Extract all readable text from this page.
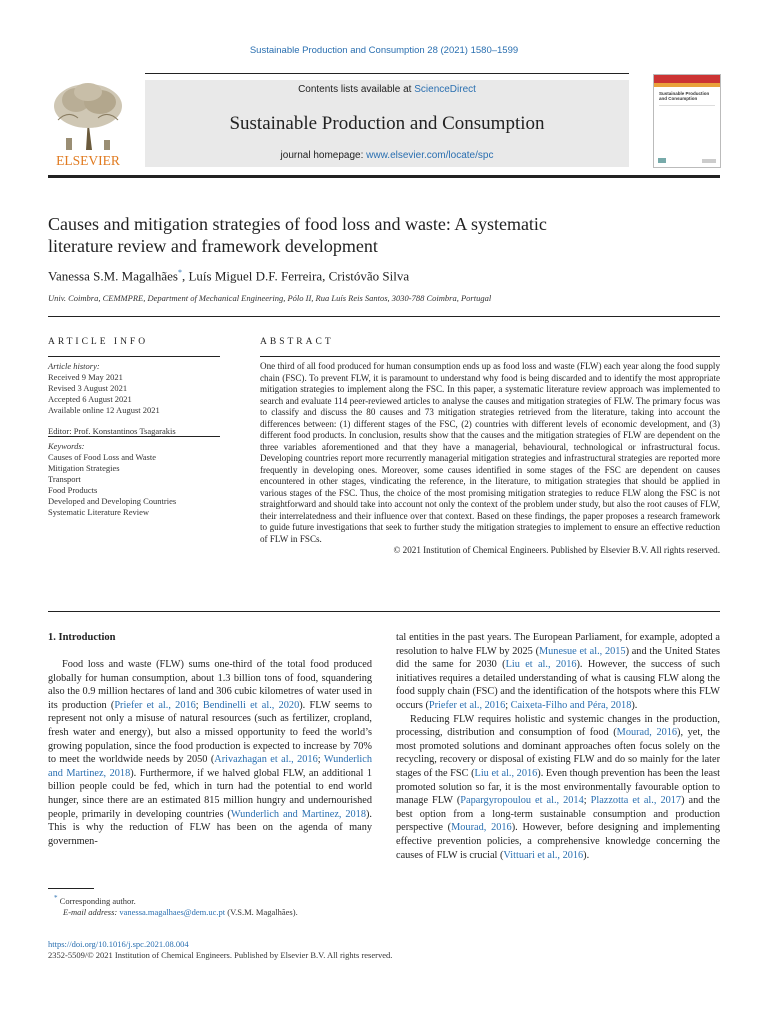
Sustainable Production and Consumption 28 (2021) 1580–1599
ELSEVIER
Contents lists available at ScienceDirect
Sustainable Production and Consumption
journal homepage: www.elsevier.com/locate/spc
Sustainable Production and Consumption
Causes and mitigation strategies of food loss and waste: A systematic
literature review and framework development
Vanessa S.M. Magalhães*, Luís Miguel D.F. Ferreira, Cristóvão Silva
Univ. Coimbra, CEMMPRE, Department of Mechanical Engineering, Pólo II, Rua Luís Reis Santos, 3030-788 Coimbra, Portugal
ARTICLE INFO
Article history:
Received 9 May 2021
Revised 3 August 2021
Accepted 6 August 2021
Available online 12 August 2021
Editor: Prof. Konstantinos Tsagarakis
Keywords:
Causes of Food Loss and Waste
Mitigation Strategies
Transport
Food Products
Developed and Developing Countries
Systematic Literature Review
ABSTRACT
One third of all food produced for human consumption ends up as food loss and waste (FLW) each year along the food supply chain (FSC). To prevent FLW, it is paramount to understand why food is being discarded and to identify the most appropriate mitigation strategies to implement along the FSC. In this paper, a systematic literature review approach was implemented to search and evaluate 114 peer-reviewed articles to analyse the causes and mitigation strategies of FLW. The primary focus was to classify and discuss the 80 causes and 73 mitigation strategies retrieved from the literature, taking into account the differences between: (1) different stages of the FSC, (2) countries with different levels of economic development, and (3) different food products. In conclusion, results show that the causes and the mitigation strategies of FLW are dependent on the three variables aforementioned and that they have a managerial, behavioural, technological or infrastructural focus. Developing countries report more recurrently managerial mitigation strategies and infrastructural strategies are reported more frequently in developing ones. Moreover, some causes identified in some stages of the FSC are dependent on causes encountered in other stages, vindicating the reference, in the literature, to mitigation strategies that should be applied in various stages of the FSC. Thus, the choice of the most promising mitigation strategies to reduce FLW along the FSC is not straightforward and should take into account not only the context of the problem under study, but also the root causes of FLW, their interrelatedness and their influence over that context. Based on these findings, the paper proposes a research framework to guide future investigations that seek to further study the mitigation strategies to implement to ensure an effective reduction of FLW in FSCs.
© 2021 Institution of Chemical Engineers. Published by Elsevier B.V. All rights reserved.
1. Introduction

Food loss and waste (FLW) sums one-third of the total food produced globally for human consumption, about 1.3 billion tons of food, squandering also the 0.9 million hectares of land and 306 cubic kilometres of water used in its production (Priefer et al., 2016; Bendinelli et al., 2020). FLW seems to represent not only a misuse of natural resources (such as fertilizer, cropland, fresh water and energy), but also a missed opportunity to feed the world’s growing population, since the food production is expected to increase by 70% to meet the worldwide needs by 2050 (Arivazhagan et al., 2016; Wunderlich and Martinez, 2018). Furthermore, if we halved global FLW, an additional 1 billion people could be fed, which in turn had the potential to end world hunger, since there are an estimated 815 million hungry and undernourished people, primarily in developing countries (Wunderlich and Martinez, 2018). This is why the reduction of FLW has been on the agenda of many governmen-

tal entities in the past years. The European Parliament, for example, adopted a resolution to halve FLW by 2025 (Munesue et al., 2015) and the United States did the same for 2030 (Liu et al., 2016). However, the success of such initiatives requires a detailed understanding of what is causing FLW along the food supply chain (FSC) and the identification of the hotspots where this FLW occurs (Priefer et al., 2016; Caixeta-Filho and Péra, 2018).

Reducing FLW requires holistic and systemic changes in the production, processing, distribution and consumption of food (Mourad, 2016), yet, the most promoted solutions and dominant approaches often focus solely on the recycling, recovery or disposal of existing FLW and do so mainly for the later stages of the FSC (Liu et al., 2016). Even though prevention has been the least promoted solution so far, it is the most environmentally favourable option to manage FLW (Papargyropoulou et al., 2014; Plazzotta et al., 2017) and the best option from a long-term sustainable consumption and production perspective (Mourad, 2016). However, before designing and implementing effective prevention policies, a comprehensive knowledge concerning the causes of FLW is crucial (Vittuari et al., 2016).

* Corresponding author.
E-mail address: vanessa.magalhaes@dem.uc.pt (V.S.M. Magalhães).
https://doi.org/10.1016/j.spc.2021.08.004
2352-5509/© 2021 Institution of Chemical Engineers. Published by Elsevier B.V. All rights reserved.
